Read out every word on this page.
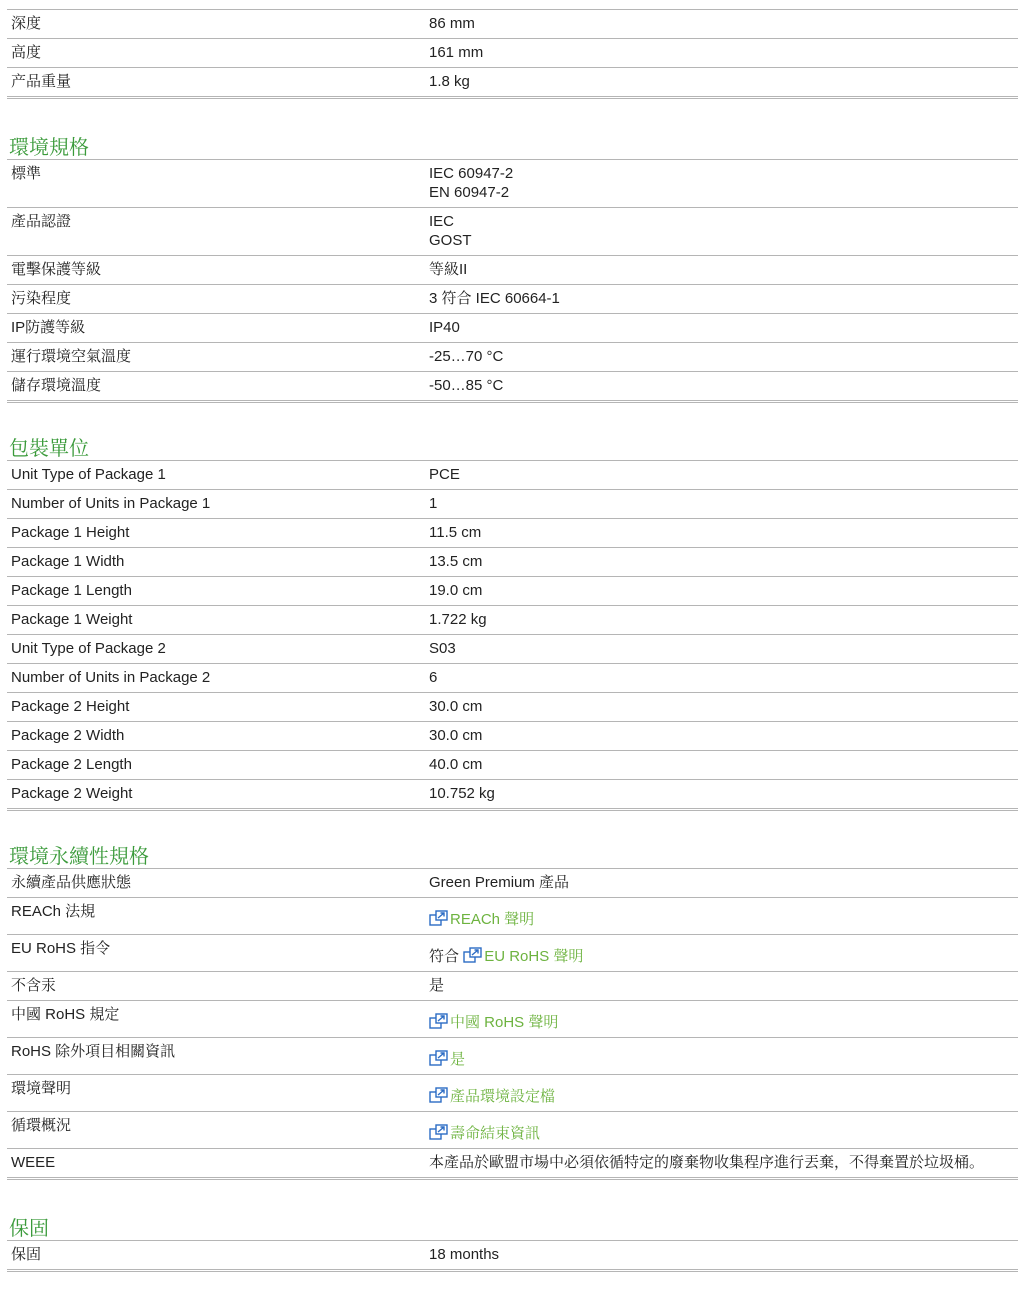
深度	86 mm
高度	161 mm
产品重量	1.8 kg
環境規格
標準	IEC 60947-2
EN 60947-2
產品認證	IEC
GOST
電擊保護等級	等級II
污染程度	3 符合 IEC 60664-1
IP防護等級	IP40
運行環境空氣溫度	-25…70 °C
儲存環境溫度	-50…85 °C
包裝單位
Unit Type of Package 1	PCE
Number of Units in Package 1	1
Package 1 Height	11.5 cm
Package 1 Width	13.5 cm
Package 1 Length	19.0 cm
Package 1 Weight	1.722 kg
Unit Type of Package 2	S03
Number of Units in Package 2	6
Package 2 Height	30.0 cm
Package 2 Width	30.0 cm
Package 2 Length	40.0 cm
Package 2 Weight	10.752 kg
環境永續性規格
永續產品供應狀態	Green Premium 產品
REACh 法規	REACh 聲明
EU RoHS 指令	符合 EU RoHS 聲明
不含汞	是
中國 RoHS 規定	中國 RoHS 聲明
RoHS 除外項目相關資訊	是
環境聲明	產品環境設定檔
循環概況	壽命結束資訊
WEEE	本產品於歐盟市場中必須依循特定的廢棄物收集程序進行丟棄，不得棄置於垃圾桶。
保固
保固	18 months
